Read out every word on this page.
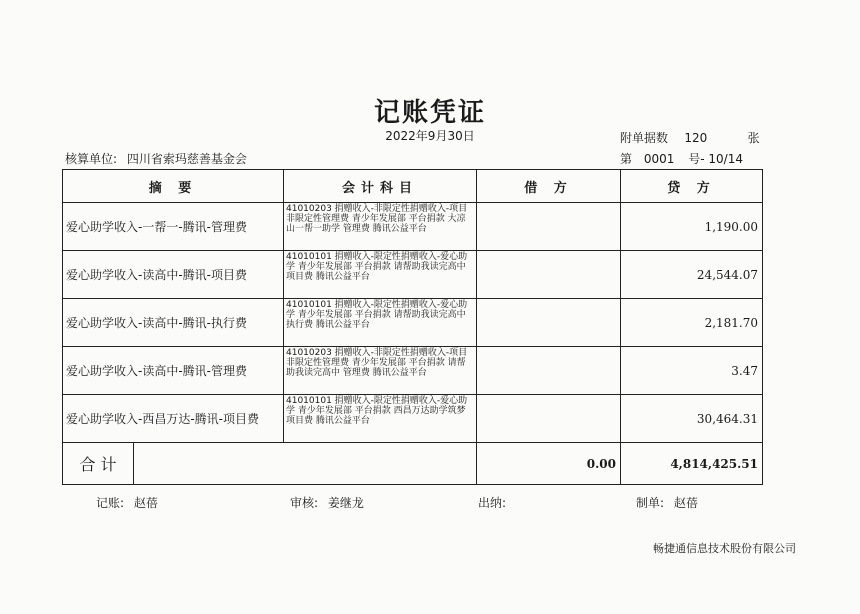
记账凭证
2022年9月30日	附单据数 120	张
第 0001 号- 10/14
核算单位: 四川省索玛慈善基金会
摘 要	会计科目	借 方	贷 方
爱心助学收入-一帮一-腾讯-管理费	41010203 捐赠收入-非限定性捐赠收入-项目非限定性管理费 青少年发展部 平台捐款 大凉山一帮一助学 管理费 腾讯公益平台		1,190.00
爱心助学收入-读高中-腾讯-项目费	41010101 捐赠收入-限定性捐赠收入-爱心助学 青少年发展部 平台捐款 请帮助我读完高中 项目费 腾讯公益平台		24,544.07
爱心助学收入-读高中-腾讯-执行费	41010101 捐赠收入-限定性捐赠收入-爱心助学 青少年发展部 平台捐款 请帮助我读完高中 执行费 腾讯公益平台		2,181.70
爱心助学收入-读高中-腾讯-管理费	41010203 捐赠收入-非限定性捐赠收入-项目非限定性管理费 青少年发展部 平台捐款 请帮助我读完高中 管理费 腾讯公益平台		3.47
爱心助学收入-西昌万达-腾讯-项目费	41010101 捐赠收入-限定性捐赠收入-爱心助学 青少年发展部 平台捐款 西昌万达助学筑梦 项目费 腾讯公益平台		30,464.31

合 计		0.00	4,814,425.51
记账: 赵蓓	审核: 姜继龙	出纳:	制单: 赵蓓
畅捷通信息技术股份有限公司
